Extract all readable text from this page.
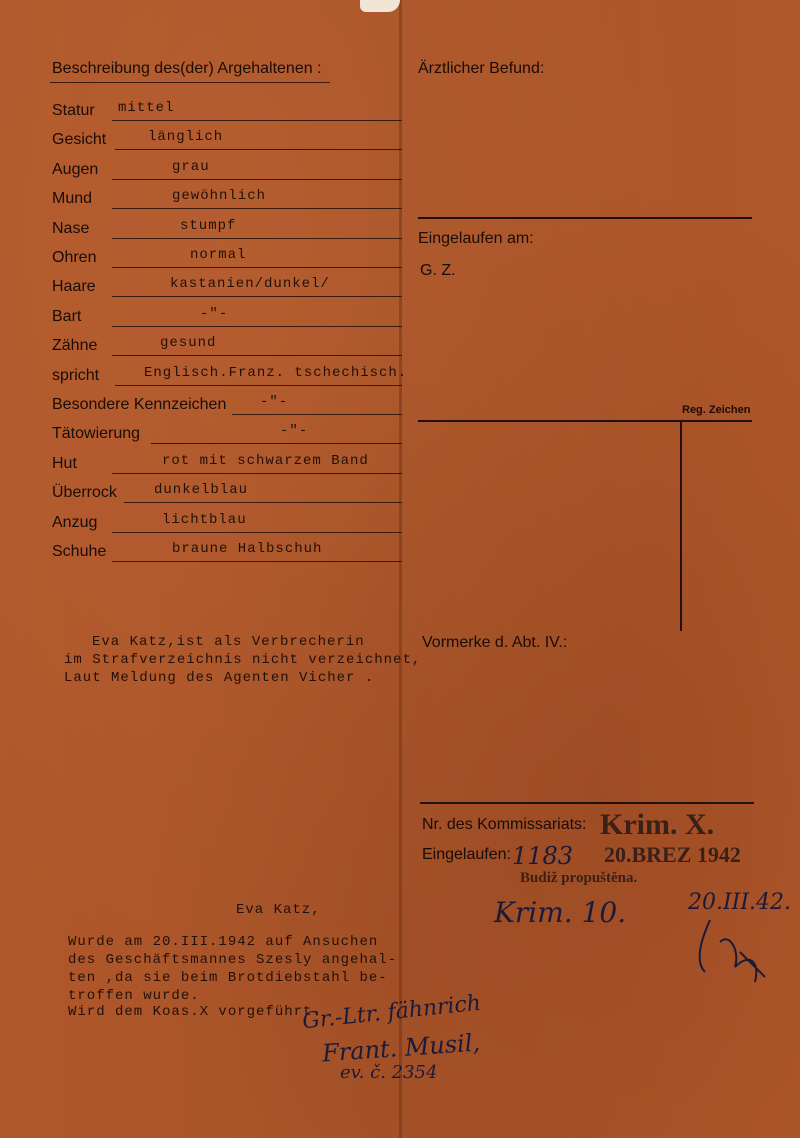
Beschreibung des(der) Argehaltenen :
Statur mittel
Gesicht	länglich
Augen	grau
Mund	gewöhnlich
Nase	stumpf
Ohren	normal
Haare	kastanien/dunkel/
Bart	-"-
Zähne	gesund
spricht	Englisch.Franz. tschechisch.
Besondere Kennzeichen -"-
Tätowierung	-"-
Hut	rot mit schwarzem Band
Überrock	dunkelblau
Anzug	lichtblau
Schuhe	braune Halbschuh
Ärztlicher Befund:
Eingelaufen am:
G. Z.
Reg. Zeichen
Vormerke d. Abt. IV.:
Nr. des Kommissariats:
Eingelaufen:
Eva Katz,ist als Verbrecherin
im Strafverzeichnis nicht verzeichnet,
Laut Meldung des Agenten Vicher .
Eva Katz,
Wurde am 20.III.1942 auf Ansuchen
des Geschäftsmannes Szesly angehal-
ten ,da sie beim Brotdiebstahl be-
troffen wurde.
Wird dem Koas.X vorgeführt.
Krim. X.
1183 20.BREZ 1942
Budiž propuštěna.
Krim. 10.	20.III.42.
Gr.-Ltr. fähnrich
Frant. Musil,
ev. č. 2354
